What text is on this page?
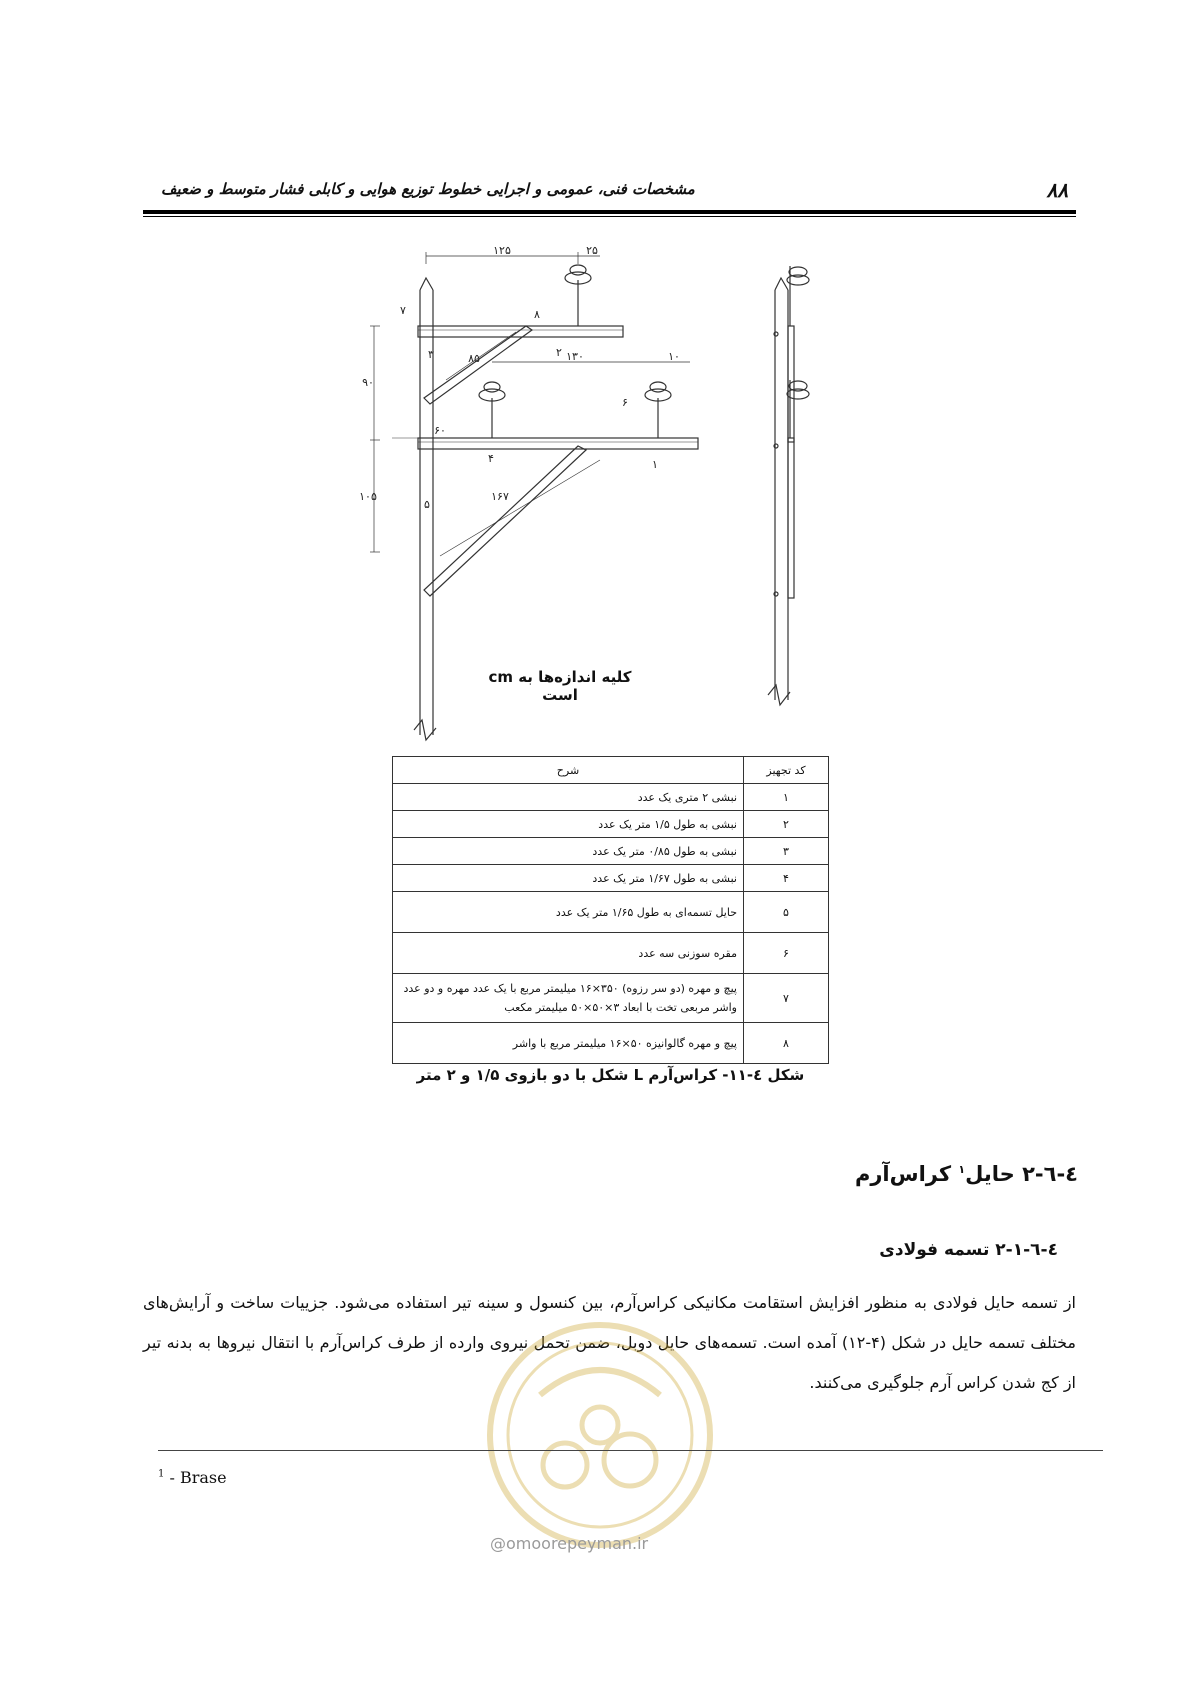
۸۸
مشخصات فنی، عمومی و اجرایی خطوط توزیع هوایی و کابلی فشار متوسط و ضعیف
۱۲۵	۲۵
۱۳۰	۱۰
۸۵
۶۰
۱۶۷
۹۰
۱۰۵
۱
۲
۳
۴
۵
۶
۷	۸
کلیه اندازه‌ها به cm است
کد تجهیز	شرح
۱	نبشی ۲ متری یک عدد
۲	نبشی به طول ۱/۵ متر یک عدد
۳	نبشی به طول ۰/۸۵ متر یک عدد
۴	نبشی به طول ۱/۶۷ متر یک عدد
۵	حایل تسمه‌ای به طول ۱/۶۵ متر یک عدد
۶	مقره سوزنی سه عدد
۷	پیچ و مهره (دو سر رزوه) ۳۵۰×۱۶ میلیمتر مربع با یک عدد مهره و دو عدد واشر مربعی تخت با ابعاد ۳×۵۰×۵۰ میلیمتر مکعب
۸	پیچ و مهره گالوانیزه ۵۰×۱۶ میلیمتر مربع با واشر
شکل ٤-۱۱- کراس‌آرم L شکل با دو بازوی ۱/۵ و ۲ متر
٤-٦-۲ حایل$^۱$ کراس‌آرم
٤-٦-۲-۱ تسمه فولادی
از تسمه حایل فولادی به منظور افزایش استقامت مکانیکی کراس‌آرم، بین کنسول و سینه تیر استفاده می‌شود. جزییات ساخت و آرایش‌های مختلف تسمه حایل در شکل (۴-۱۲) آمده است. تسمه‌های حایل دوبل، ضمن تحمل نیروی وارده از طرف کراس‌آرم با انتقال نیروها به بدنه تیر از کج شدن کراس آرم جلوگیری می‌کنند.
$^1$ - Brase
@omoorepeyman.ir
